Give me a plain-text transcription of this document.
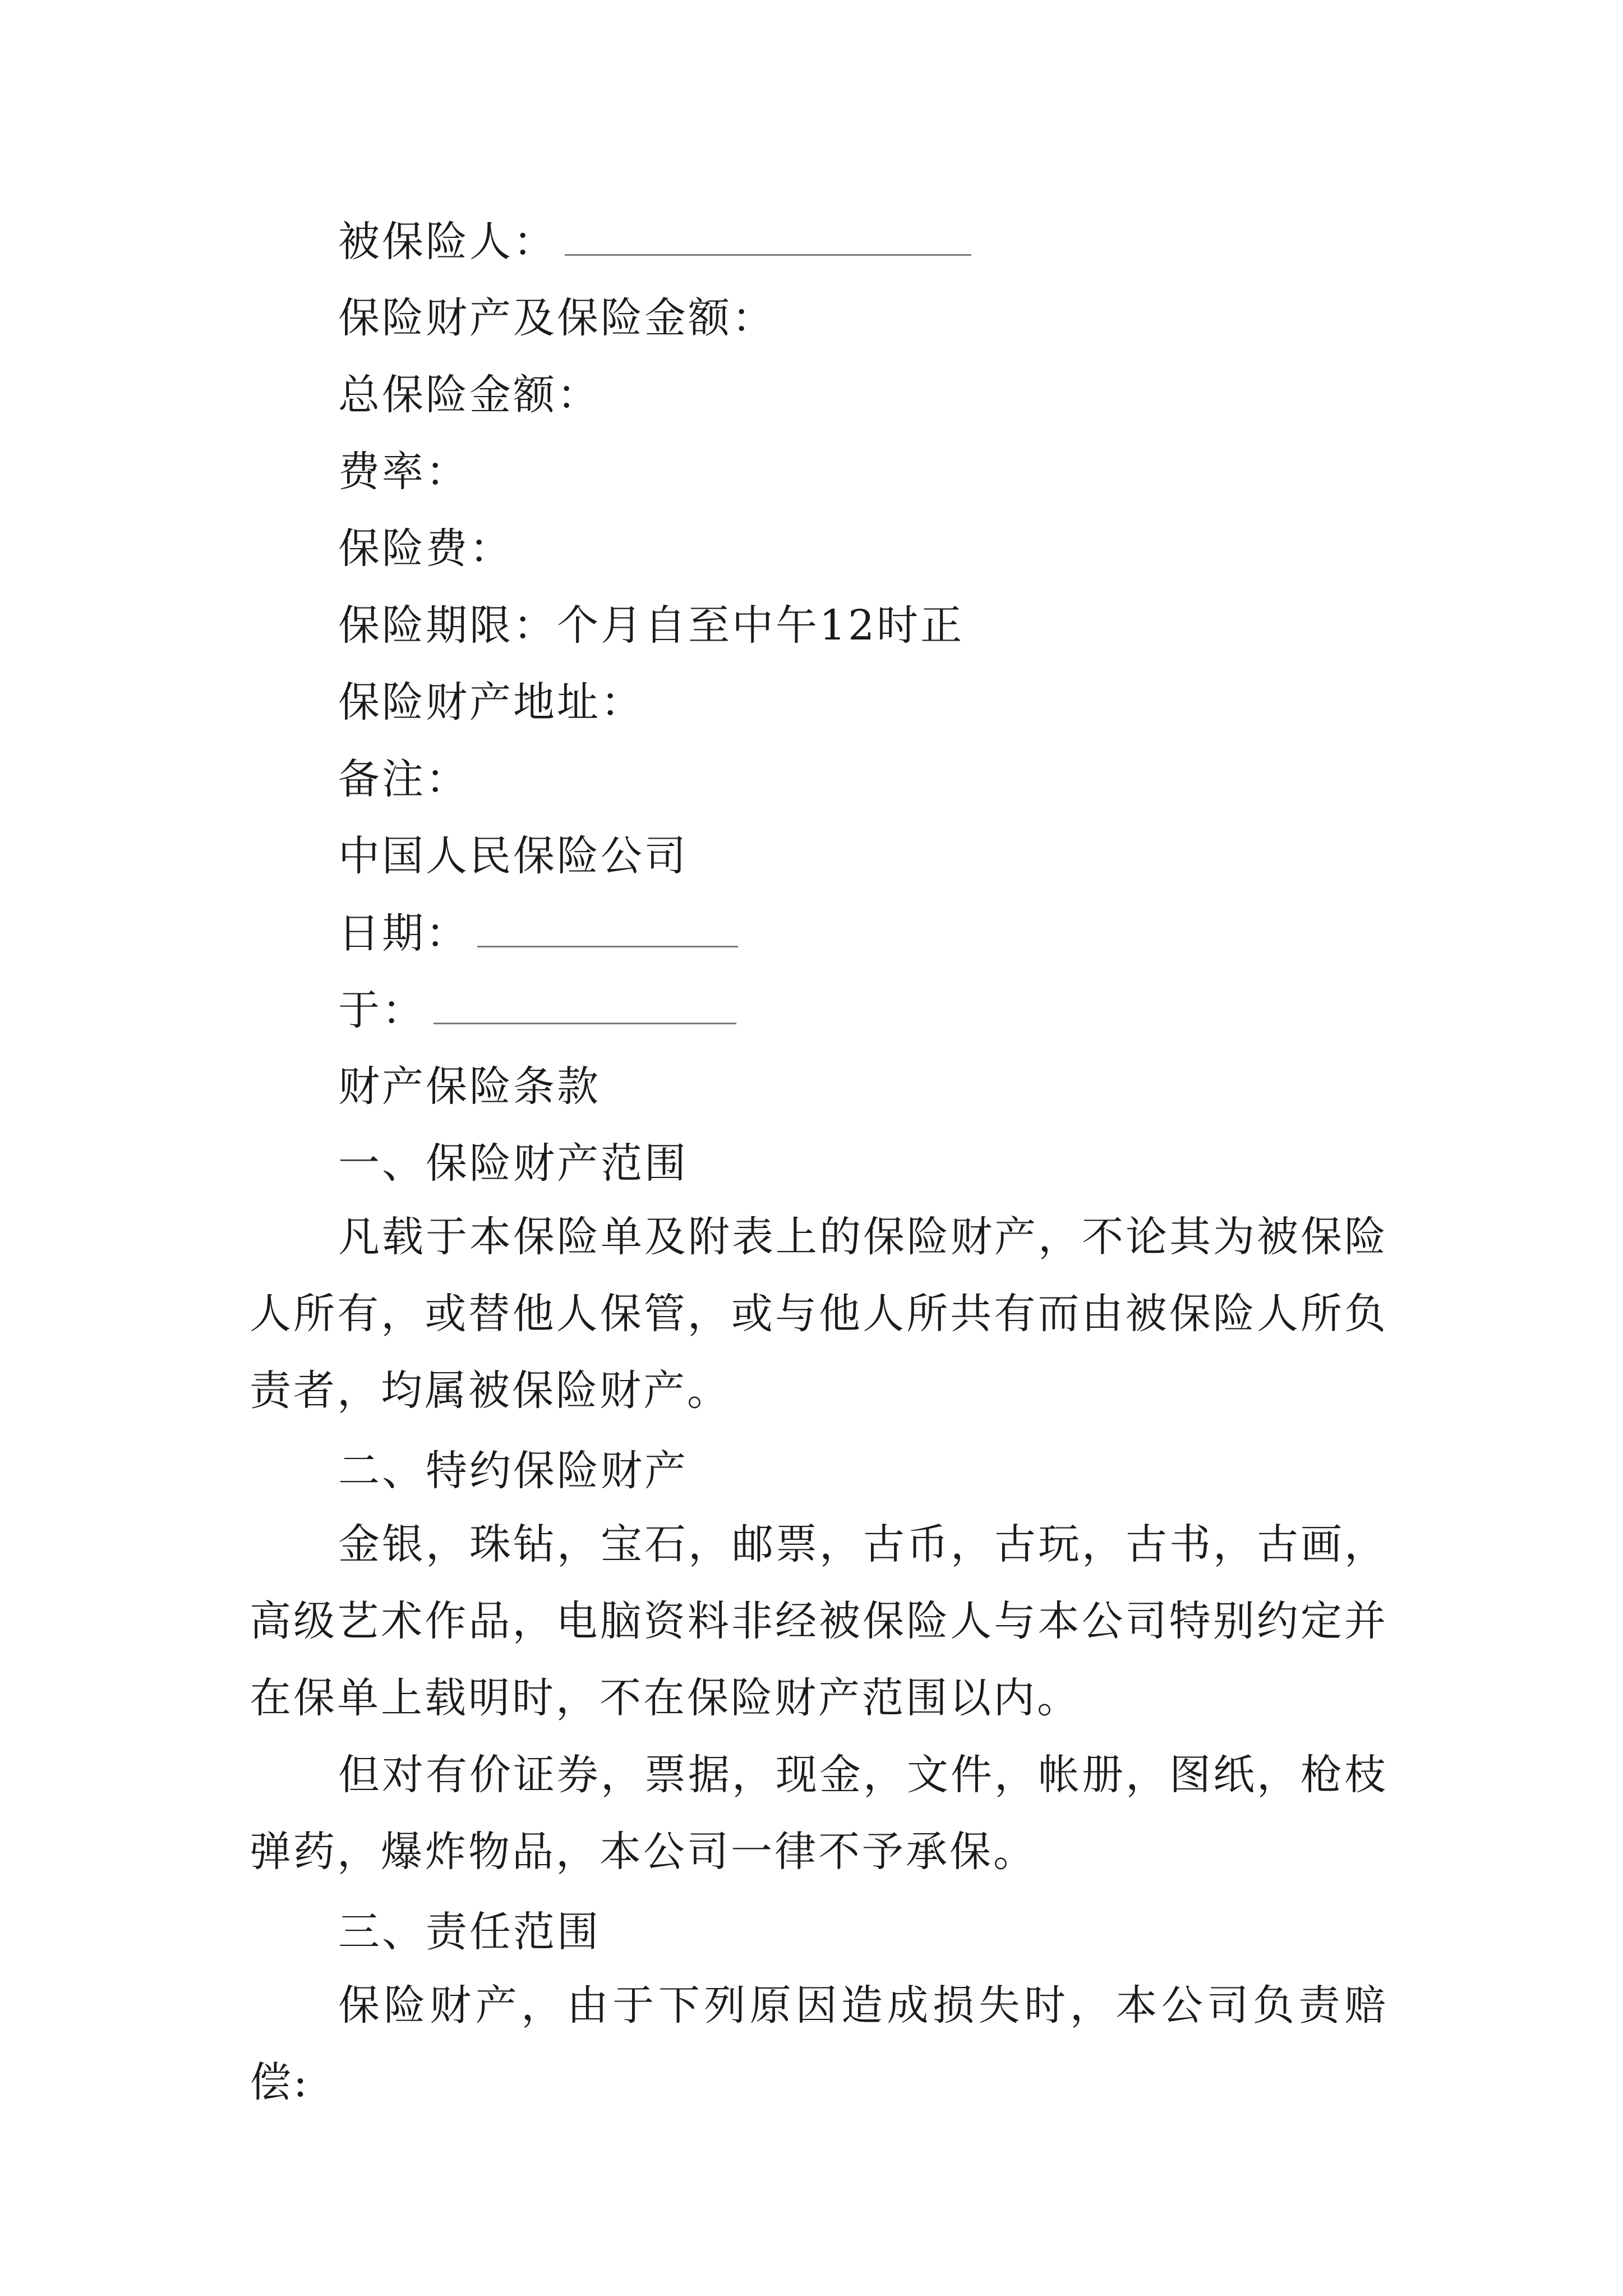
被保险人：
保险财产及保险金额：
总保险金额：
费率：
保险费：
保险期限：个月自至中午12时正
保险财产地址：
备注：
中国人民保险公司
日期：
于：
财产保险条款
一、保险财产范围
凡载于本保险单及附表上的保险财产，不论其为被保险人所有，或替他人保管，或与他人所共有而由被保险人所负责者，均属被保险财产。
二、特约保险财产
金银，珠钻，宝石，邮票，古币，古玩，古书，古画，高级艺术作品，电脑资料非经被保险人与本公司特别约定并在保单上载明时，不在保险财产范围以内。
但对有价证券，票据，现金，文件，帐册，图纸，枪枝弹药，爆炸物品，本公司一律不予承保。
三、责任范围
保险财产，由于下列原因造成损失时，本公司负责赔偿:
